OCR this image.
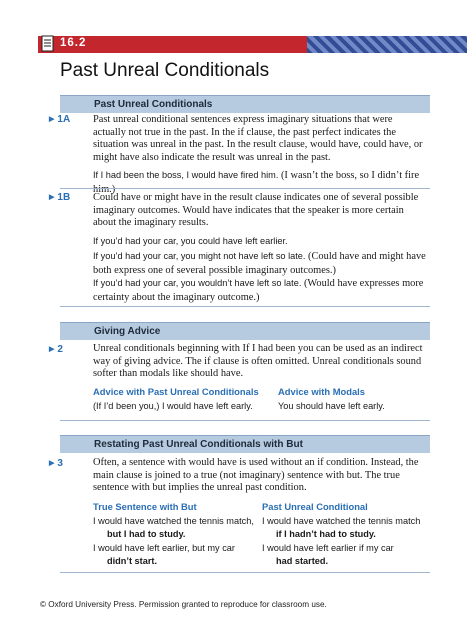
16.2
Past Unreal Conditionals
Past Unreal Conditionals
▶ 1A Past unreal conditional sentences express imaginary situations that were actually not true in the past. In the if clause, the past perfect indicates the situation was unreal in the past. In the result clause, would have, could have, or might have also indicate the result was unreal in the past.
If I had been the boss, I would have fired him. (I wasn’t the boss, so I didn’t fire him.)
▶ 1B Could have or might have in the result clause indicates one of several possible imaginary outcomes. Would have indicates that the speaker is more certain about the imaginary results.
If you’d had your car, you could have left earlier.
If you’d had your car, you might not have left so late. (Could have and might have both express one of several possible imaginary outcomes.)
If you’d had your car, you wouldn’t have left so late. (Would have expresses more certainty about the imaginary outcome.)
Giving Advice
▶ 2	Unreal conditionals beginning with If I had been you can be used as an indirect way of giving advice. The if clause is often omitted. Unreal conditionals sound softer than modals like should have.
Advice with Past Unreal Conditionals
(If I’d been you,) I would have left early.
Advice with Modals
You should have left early.
Restating Past Unreal Conditionals with But
▶ 3	Often, a sentence with would have is used without an if condition. Instead, the main clause is joined to a true (not imaginary) sentence with but. The true sentence with but implies the unreal past condition.
True Sentence with But
I would have watched the tennis match,
but I had to study.
I would have left earlier, but my car
didn’t start.
Past Unreal Conditional
I would have watched the tennis match
if I hadn’t had to study.
I would have left earlier if my car
had started.
© Oxford University Press. Permission granted to reproduce for classroom use.
